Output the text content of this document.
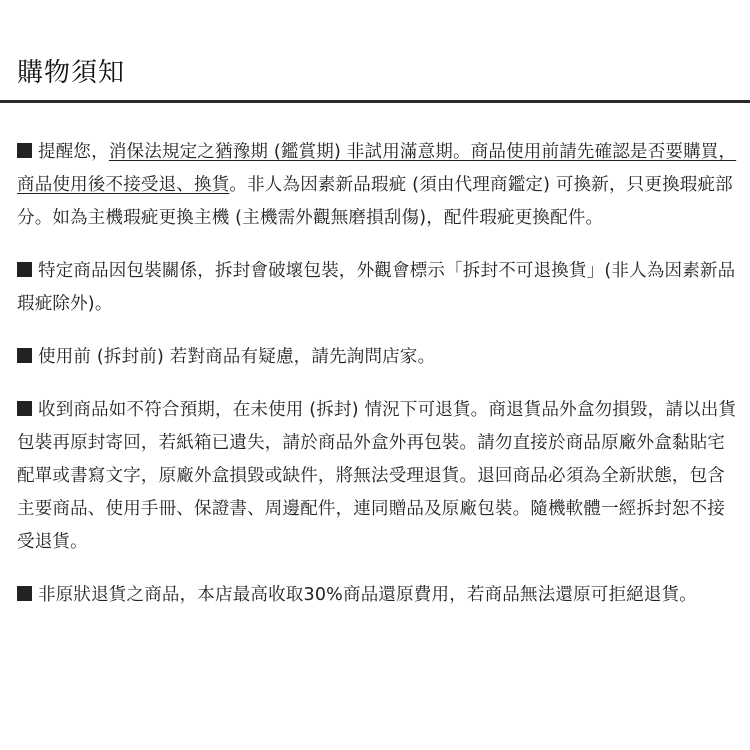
購物須知

提醒您，消保法規定之猶豫期 (鑑賞期) 非試用滿意期。商品使用前請先確認是否要購買，商品使用後不接受退、換貨。非人為因素新品瑕疵 (須由代理商鑑定) 可換新，只更換瑕疵部分。如為主機瑕疵更換主機 (主機需外觀無磨損刮傷)，配件瑕疵更換配件。

特定商品因包裝關係，拆封會破壞包裝，外觀會標示「拆封不可退換貨」(非人為因素新品瑕疵除外)。

使用前 (拆封前) 若對商品有疑慮，請先詢問店家。

收到商品如不符合預期，在未使用 (拆封) 情況下可退貨。商退貨品外盒勿損毀，請以出貨包裝再原封寄回，若紙箱已遺失，請於商品外盒外再包裝。請勿直接於商品原廠外盒黏貼宅配單或書寫文字，原廠外盒損毀或缺件，將無法受理退貨。退回商品必須為全新狀態，包含主要商品、使用手冊、保證書、周邊配件，連同贈品及原廠包裝。隨機軟體一經拆封恕不接受退貨。

非原狀退貨之商品，本店最高收取30%商品還原費用，若商品無法還原可拒絕退貨。
